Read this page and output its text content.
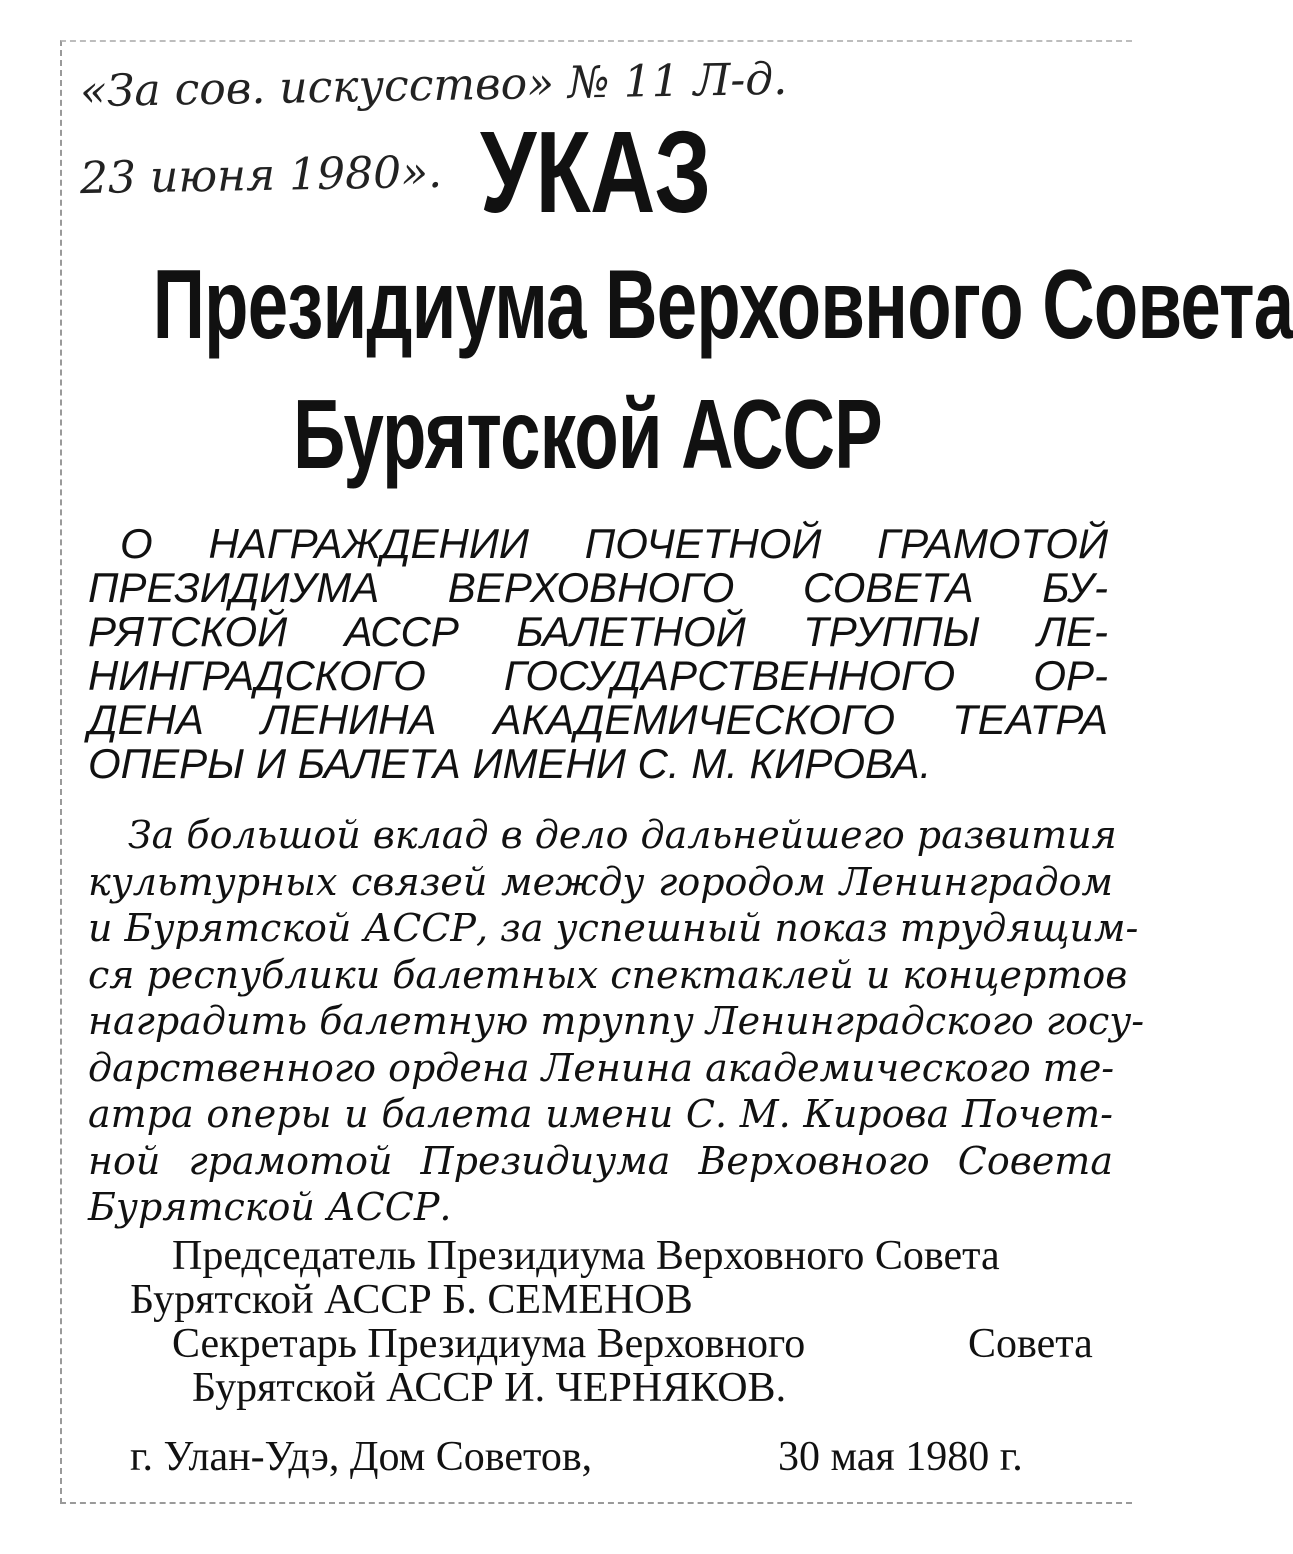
«За сов. искусство» № 11 Л-д.
23 июня 1980». УКАЗ
Президиума Верховного Совета
Бурятской АССР
О НАГРАЖДЕНИИ ПОЧЕТНОЙ ГРАМОТОЙ
ПРЕЗИДИУМА ВЕРХОВНОГО СОВЕТА БУ-
РЯТСКОЙ АССР БАЛЕТНОЙ ТРУППЫ ЛЕ-
НИНГРАДСКОГО ГОСУДАРСТВЕННОГО ОР-
ДЕНА ЛЕНИНА АКАДЕМИЧЕСКОГО ТЕАТРА
ОПЕРЫ И БАЛЕТА ИМЕНИ С. М. КИРОВА.
За большой вклад в дело дальнейшего развития
культурных связей между городом Ленинградом
и Бурятской АССР, за успешный показ трудящим-
ся республики балетных спектаклей и концертов
наградить балетную труппу Ленинградского госу-
дарственного ордена Ленина академического те-
атра оперы и балета имени С. М. Кирова Почет-
ной грамотой Президиума Верховного Совета
Бурятской АССР.
Председатель Президиума Верховного Совета
Бурятской АССР Б. СЕМЕНОВ
Секретарь Президиума Верховного	Совета
Бурятской АССР И. ЧЕРНЯКОВ.
г. Улан-Удэ, Дом Советов,	30 мая 1980 г.
